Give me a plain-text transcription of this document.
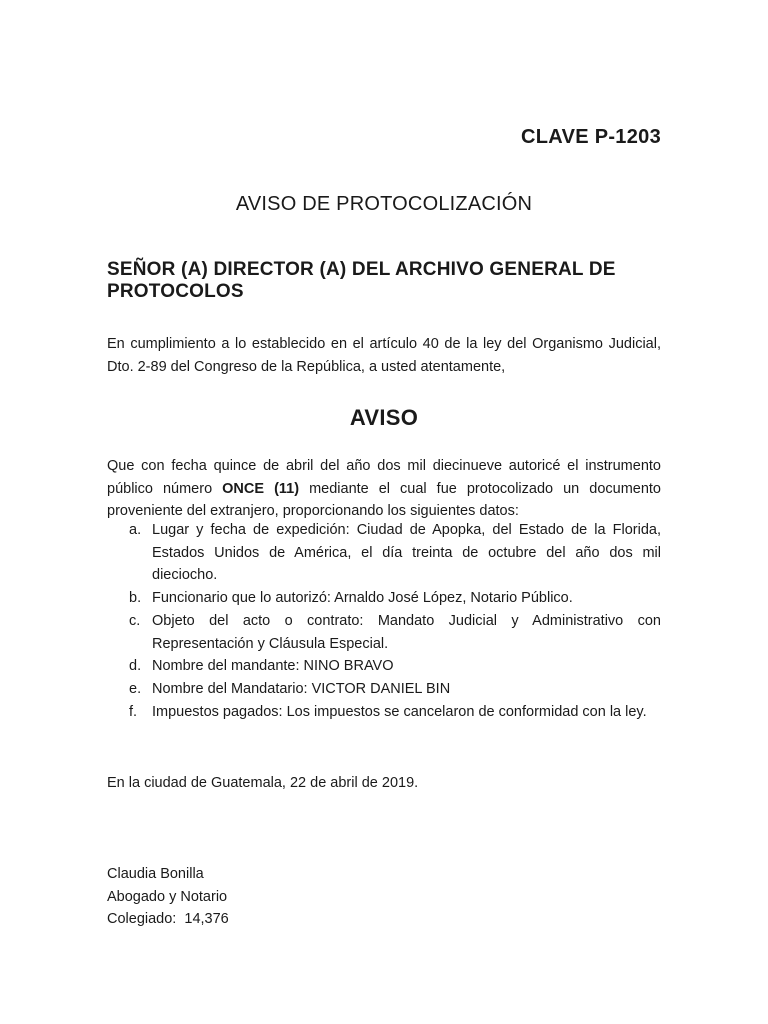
CLAVE P-1203
AVISO DE PROTOCOLIZACIÓN
SEÑOR (A) DIRECTOR (A) DEL ARCHIVO GENERAL DE PROTOCOLOS
En cumplimiento a lo establecido en el artículo 40 de la ley del Organismo Judicial, Dto. 2-89 del Congreso de la República, a usted atentamente,
AVISO
Que con fecha quince de abril del año dos mil diecinueve autoricé el instrumento público número ONCE (11) mediante el cual fue protocolizado un documento proveniente del extranjero, proporcionando los siguientes datos:
a. Lugar y fecha de expedición: Ciudad de Apopka, del Estado de la Florida, Estados Unidos de América, el día treinta de octubre del año dos mil dieciocho.
b. Funcionario que lo autorizó: Arnaldo José López, Notario Público.
c. Objeto del acto o contrato: Mandato Judicial y Administrativo con Representación y Cláusula Especial.
d. Nombre del mandante: NINO BRAVO
e. Nombre del Mandatario: VICTOR DANIEL BIN
f. Impuestos pagados: Los impuestos se cancelaron de conformidad con la ley.
En la ciudad de Guatemala, 22 de abril de 2019.
Claudia Bonilla
Abogado y Notario
Colegiado:  14,376
